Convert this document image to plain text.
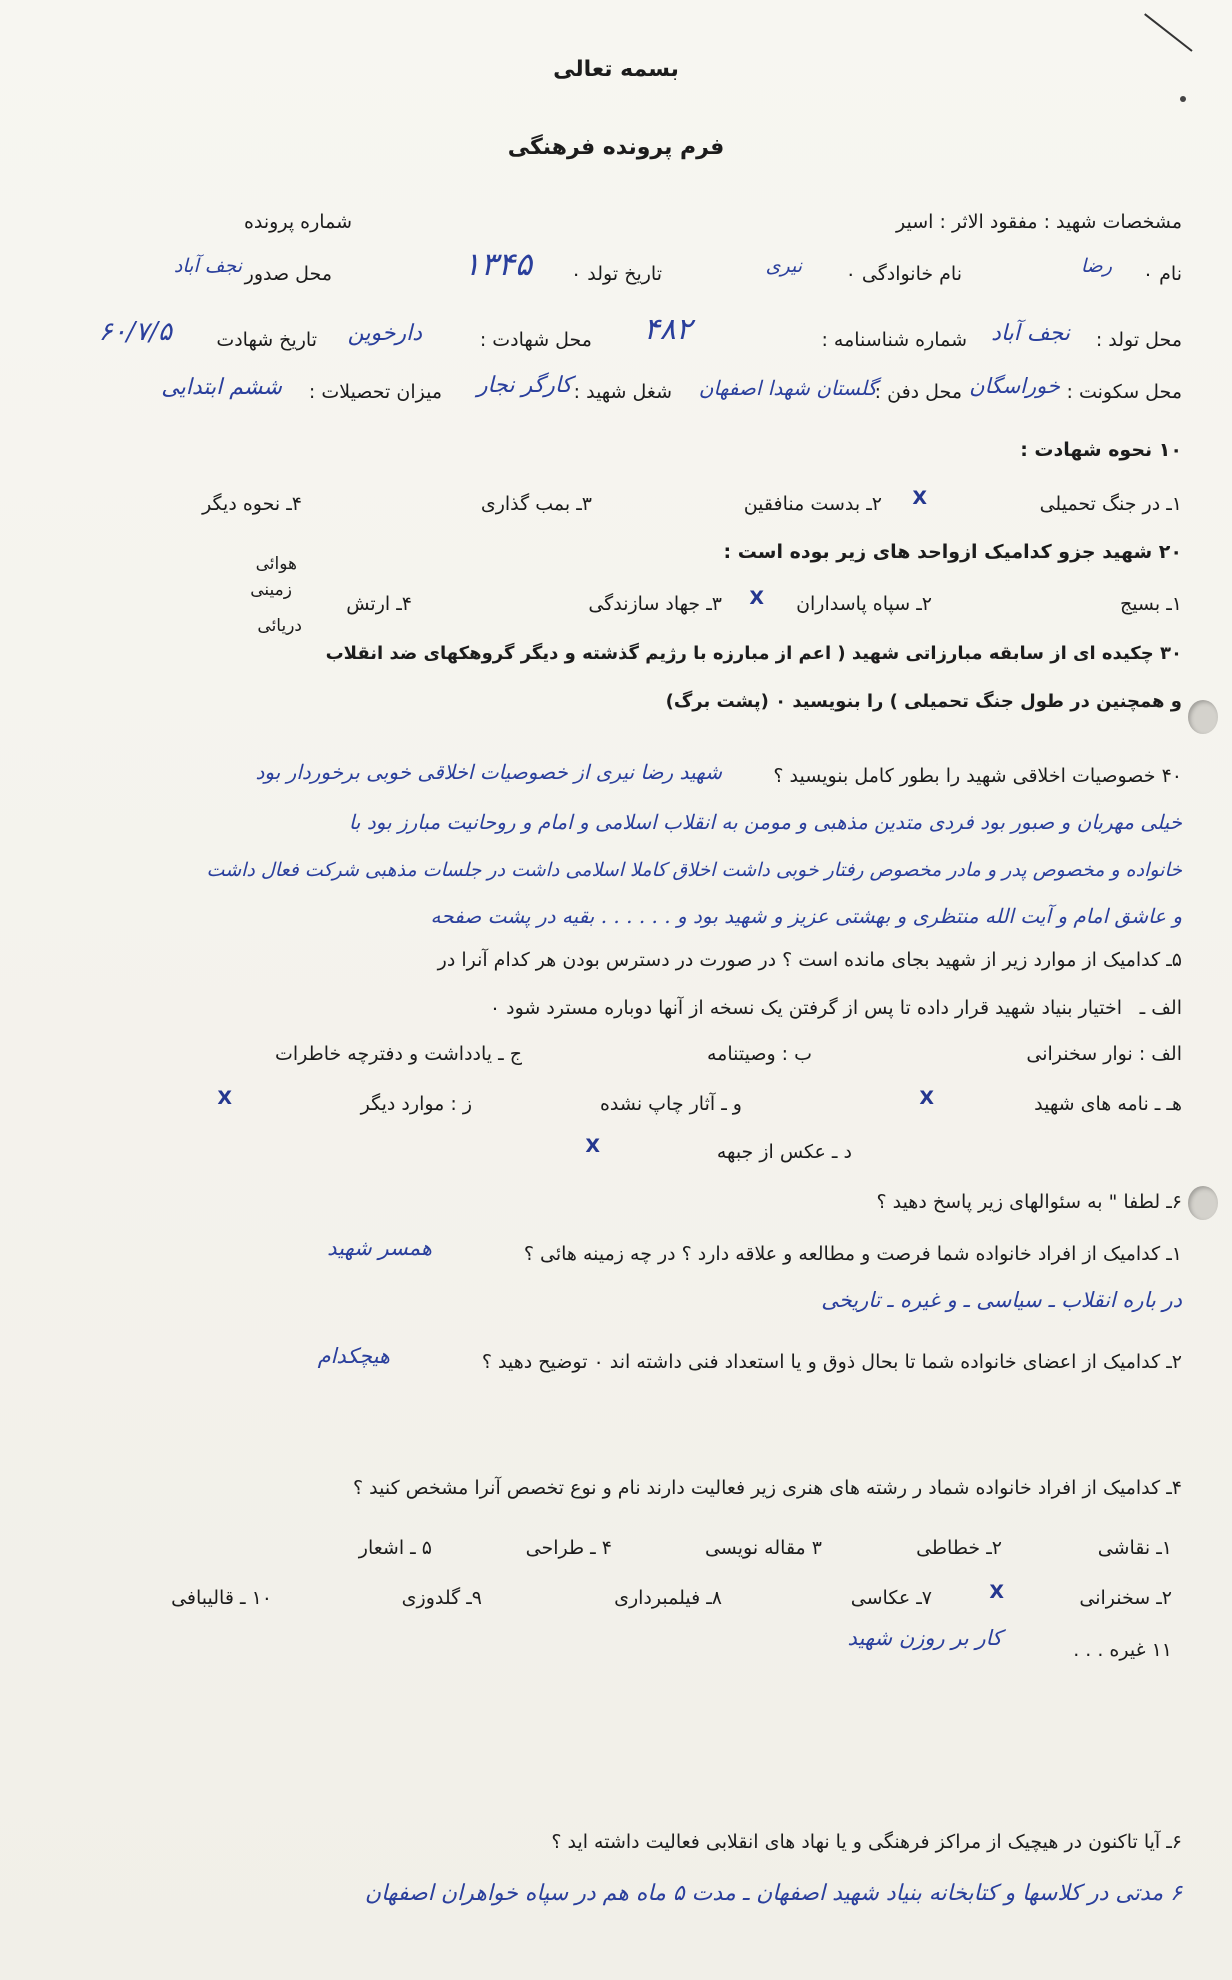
بسمه تعالی
فرم پرونده فرهنگی
مشخصات شهید : مفقود الاثر : اسیر
شماره پرونده
نام ۰
رضا
نام خانوادگی ۰
نیری
تاریخ تولد ۰
۱۳۴۵
محل صدور
نجف آباد
محل تولد :
نجف آباد
شماره شناسنامه :
۴۸۲
محل شهادت :
دارخوین
تاریخ شهادت
۶۰/۷/۵
محل سکونت :
خوراسگان
محل دفن :
گلستان شهدا اصفهان
شغل شهید :
کارگر نجار
میزان تحصیلات :
ششم ابتدایی
۱۰ نحوه شهادت :
۱ـ در جنگ تحمیلی
X
۲ـ بدست منافقین
۳ـ بمب گذاری
۴ـ نحوه دیگر
۲۰ شهید جزو کدامیک ازواحد های زیر بوده است :
۱ـ بسیج
۲ـ سپاه پاسداران
X
۳ـ جهاد سازندگی
۴ـ ارتش
هوائی
زمینی
دریائی
۳۰ چکیده ای از سابقه مبارزاتی شهید ( اعم از مبارزه با رژیم گذشته و دیگر گروهکهای ضد انقلاب
و همچنین در طول جنگ تحمیلی ) را بنویسید ۰ (پشت برگ)
۴۰ خصوصیات اخلاقی شهید را بطور کامل بنویسید ؟
شهید رضا نیری از خصوصیات اخلاقی خوبی برخوردار بود
خیلی مهربان و صبور بود فردی متدین مذهبی و مومن به انقلاب اسلامی و امام و روحانیت مبارز بود با
خانواده و مخصوص پدر و مادر مخصوص رفتار خوبی داشت اخلاق کاملا اسلامی داشت در جلسات مذهبی شرکت فعال داشت
و عاشق امام و آیت الله منتظری و بهشتی عزیز و شهید بود و . . . . . . بقیه در پشت صفحه
۵ـ کدامیک از موارد زیر از شهید بجای مانده است ؟ در صورت در دسترس بودن هر کدام آنرا در
الف ـ
اختیار بنیاد شهید قرار داده تا پس از گرفتن یک نسخه از آنها دوباره مسترد شود ۰
الف : نوار سخنرانی
ب : وصیتنامه
ج ـ یادداشت و دفترچه خاطرات
هـ ـ نامه های شهید
X
و ـ آثار چاپ نشده
ز : موارد دیگر
X
د ـ عکس از جبهه
X
۶ـ لطفا " به سئوالهای زیر پاسخ دهید ؟
۱ـ کدامیک از افراد خانواده شما فرصت و مطالعه و علاقه دارد ؟ در چه زمینه هائی ؟
همسر شهید
در باره انقلاب ـ سیاسی ـ و غیره ـ تاریخی
۲ـ کدامیک از اعضای خانواده شما تا بحال ذوق و یا استعداد فنی داشته اند ۰ توضیح دهید ؟
هیچکدام
۴ـ کدامیک از افراد خانواده شماد ر رشته های هنری زیر فعالیت دارند نام و نوع تخصص آنرا مشخص کنید ؟
۱ـ نقاشی
۲ـ خطاطی
۳ مقاله نویسی
۴ ـ طراحی
۵ ـ اشعار
۲ـ سخنرانی
X
۷ـ عکاسی
۸ـ فیلمبرداری
۹ـ گلدوزی
۱۰ ـ قالیبافی
۱۱ غیره . . .
کار بر روزن شهید
۶ـ آیا تاکنون در هیچیک از مراکز فرهنگی و یا نهاد های انقلابی فعالیت داشته اید ؟
۶ مدتی در کلاسها و کتابخانه بنیاد شهید اصفهان ـ مدت ۵ ماه هم در سپاه خواهران اصفهان
